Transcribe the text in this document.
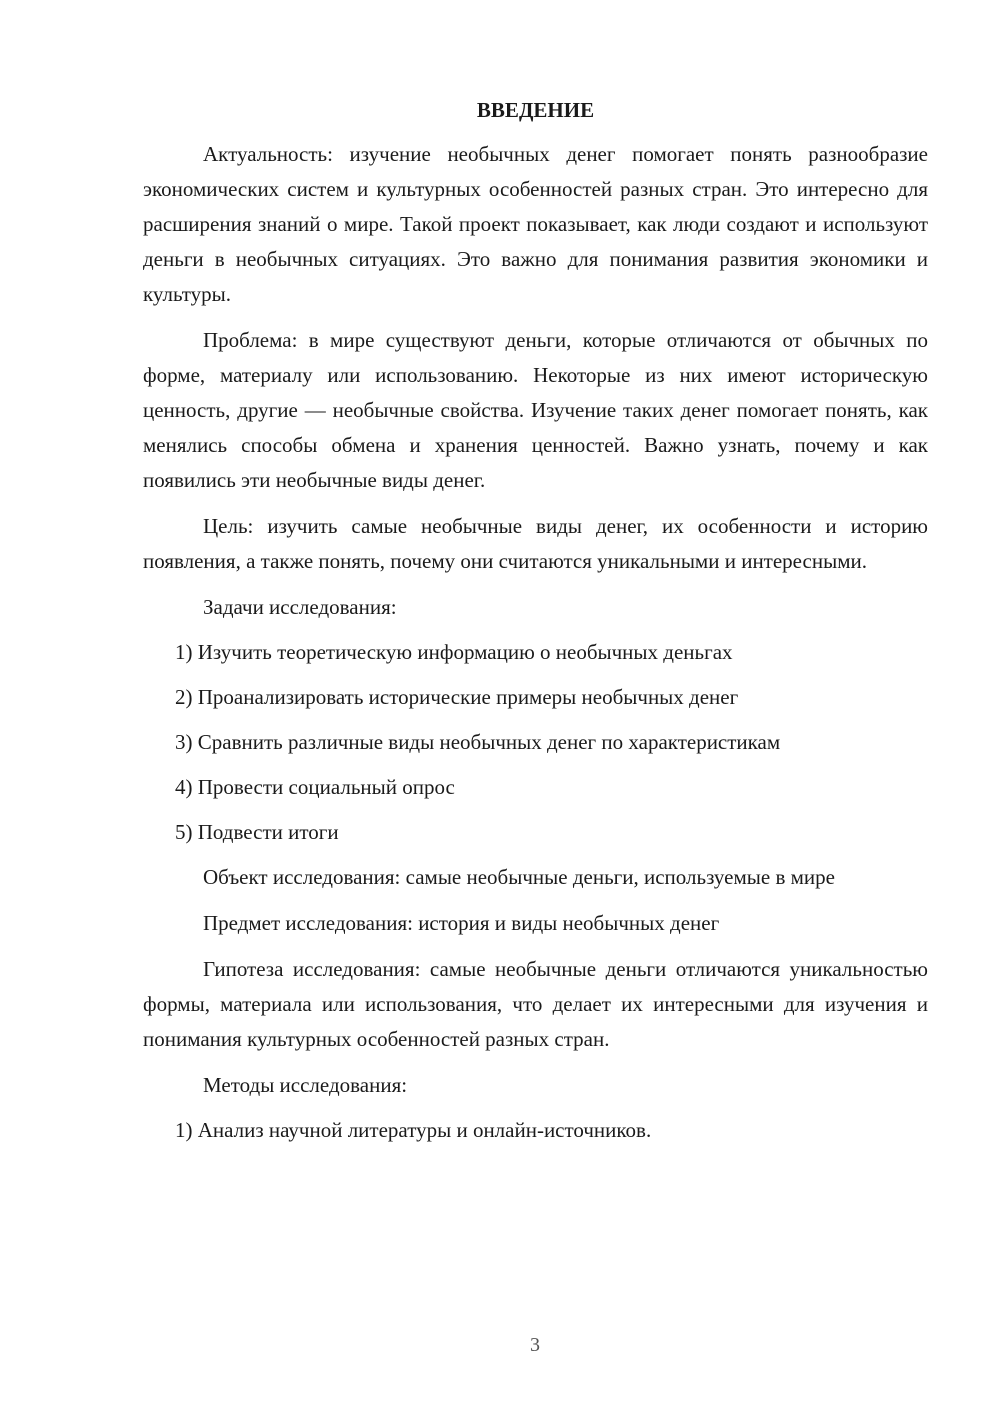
ВВЕДЕНИЕ

Актуальность: изучение необычных денег помогает понять разнообразие экономических систем и культурных особенностей разных стран. Это интересно для расширения знаний о мире. Такой проект показывает, как люди создают и используют деньги в необычных ситуациях. Это важно для понимания развития экономики и культуры.

Проблема: в мире существуют деньги, которые отличаются от обычных по форме, материалу или использованию. Некоторые из них имеют историческую ценность, другие — необычные свойства. Изучение таких денег помогает понять, как менялись способы обмена и хранения ценностей. Важно узнать, почему и как появились эти необычные виды денег.

Цель: изучить самые необычные виды денег, их особенности и историю появления, а также понять, почему они считаются уникальными и интересными.

Задачи исследования:

1) Изучить теоретическую информацию о необычных деньгах

2) Проанализировать исторические примеры необычных денег

3) Сравнить различные виды необычных денег по характеристикам

4) Провести социальный опрос

5) Подвести итоги

Объект исследования: самые необычные деньги, используемые в мире

Предмет исследования: история и виды необычных денег

Гипотеза исследования: самые необычные деньги отличаются уникальностью формы, материала или использования, что делает их интересными для изучения и понимания культурных особенностей разных стран.

Методы исследования:

1) Анализ научной литературы и онлайн-источников.

3
